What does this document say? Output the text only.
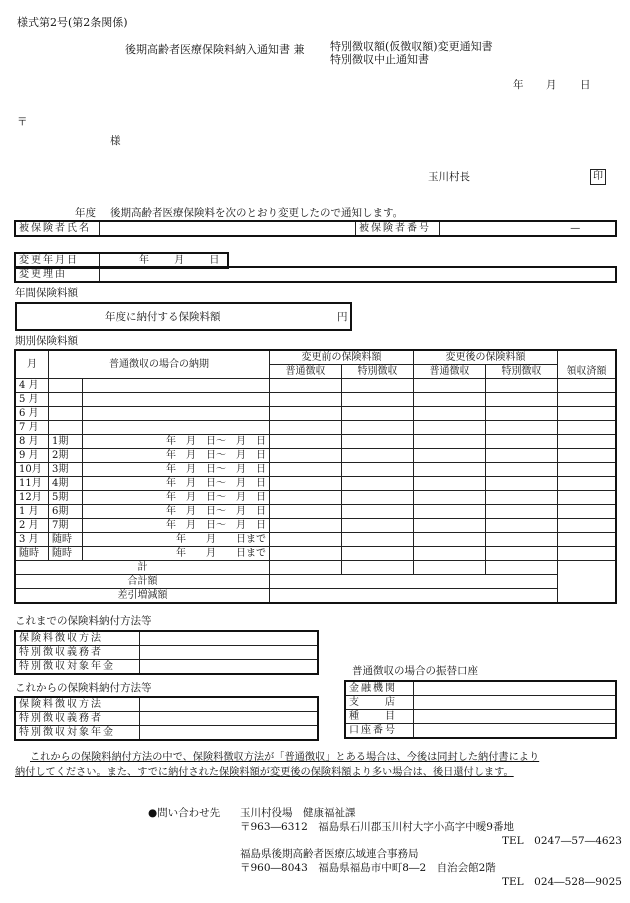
様式第2号(第2条関係)
後期高齢者医療保険料納入通知書 兼 特別徴収額(仮徴収額)変更通知書
特別徴収中止通知書
年 月 日
〒
様
玉川村長	印
年度 後期高齢者医療保険料を次のとおり変更したので通知します。
被保険者氏名		被保険者番号		—
変更年月日	年	月	日
変更理由	
年間保険料額
年度に納付する保険料額	円
期別保険料額
月	普通徴収の場合の納期		変更前の保険料額		変更後の保険料額		領収済額
			普通徴収	特別徴収	普通徴収	特別徴収	
4 月							
5 月							
6 月							
7 月							
8 月	1期	年　月　日～　月　日					
9 月	2期	年　月　日～　月　日					
10月	3期	年　月　日～　月　日					
11月	4期	年　月　日～　月　日					
12月	5期	年　月　日～　月　日					
1 月	6期	年　月　日～　月　日					
2 月	7期	年　月　日～　月　日					
3 月	随時	年　　月　　日まで					
随時	随時	年　　月　　日まで					
計							
合計額							
差引増減額							
これまでの保険料納付方法等
保険料徴収方法	
特別徴収義務者	
特別徴収対象年金		普通徴収の場合の振替口座
金融機関	
支　　店	
種　　目	
口座番号	
これからの保険料納付方法等
保険料徴収方法	
特別徴収義務者	
特別徴収対象年金	
これからの保険料納付方法の中で、保険料徴収方法が「普通徴収」とある場合は、今後は同封した納付書により
納付してください。また、すでに納付された保険料額が変更後の保険料額より多い場合は、後日還付します。
●問い合わせ先 玉川村役場　健康福祉課
〒963―6312　福島県石川郡玉川村大字小高字中曖9番地
TEL　0247―57―4623
福島県後期高齢者医療広域連合事務局
〒960―8043　福島県福島市中町8―2　自治会館2階
TEL　024―528―9025
